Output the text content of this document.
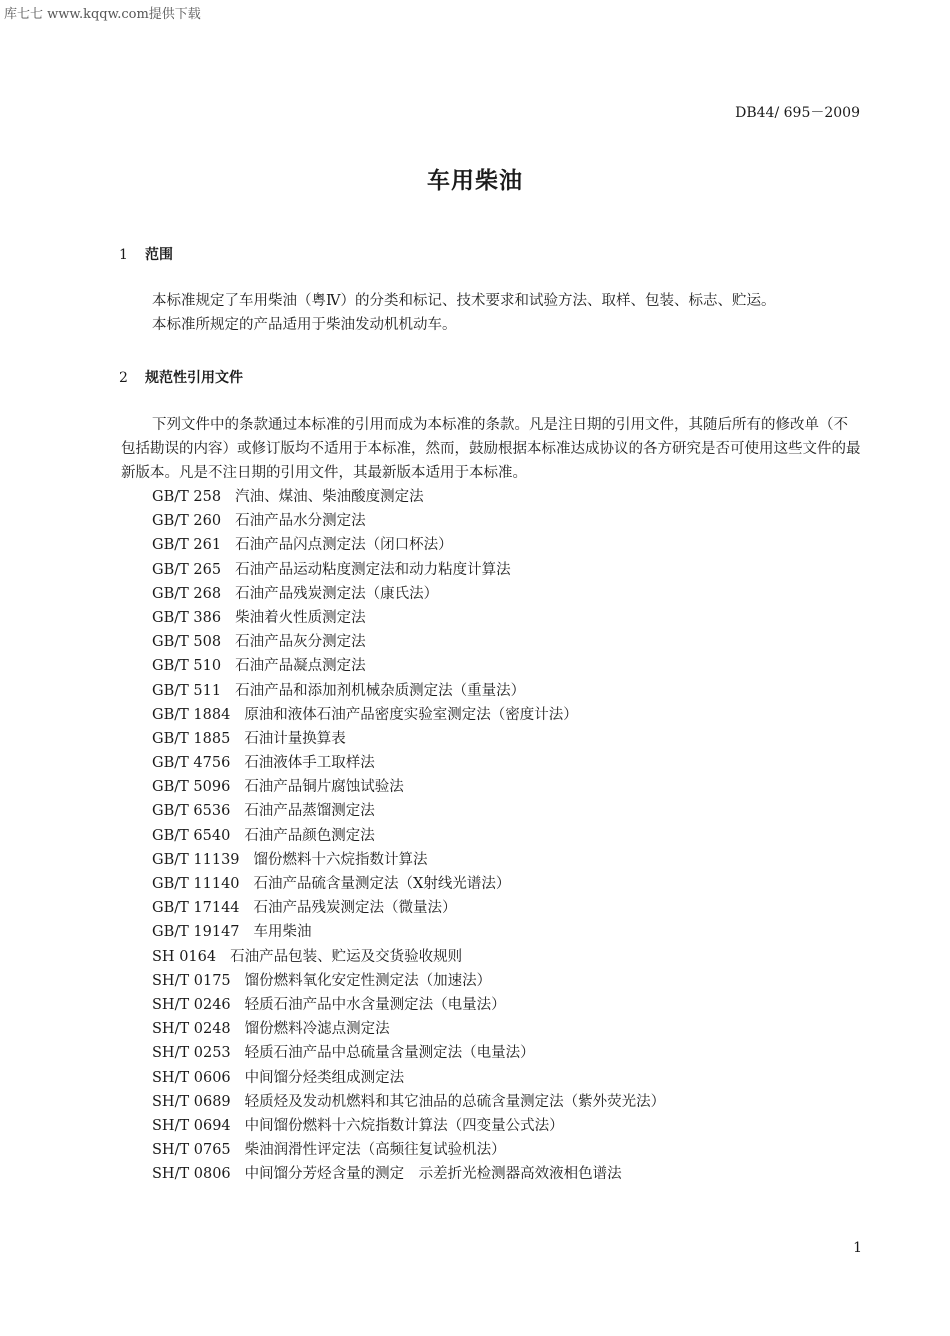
库七七 www.kqqw.com提供下载
DB44/ 695－2009
车用柴油
1 范围

本标准规定了车用柴油（粤Ⅳ）的分类和标记、技术要求和试验方法、取样、包装、标志、贮运。

本标准所规定的产品适用于柴油发动机机动车。

2 规范性引用文件

下列文件中的条款通过本标准的引用而成为本标准的条款。凡是注日期的引用文件，其随后所有的修改单（不包括勘误的内容）或修订版均不适用于本标准，然而，鼓励根据本标准达成协议的各方研究是否可使用这些文件的最新版本。凡是不注日期的引用文件，其最新版本适用于本标准。

GB/T 258 汽油、煤油、柴油酸度测定法
GB/T 260 石油产品水分测定法
GB/T 261 石油产品闪点测定法（闭口杯法）
GB/T 265 石油产品运动粘度测定法和动力粘度计算法
GB/T 268 石油产品残炭测定法（康氏法）
GB/T 386 柴油着火性质测定法
GB/T 508 石油产品灰分测定法
GB/T 510 石油产品凝点测定法
GB/T 511 石油产品和添加剂机械杂质测定法（重量法）
GB/T 1884 原油和液体石油产品密度实验室测定法（密度计法）
GB/T 1885 石油计量换算表
GB/T 4756 石油液体手工取样法
GB/T 5096 石油产品铜片腐蚀试验法
GB/T 6536 石油产品蒸馏测定法
GB/T 6540 石油产品颜色测定法
GB/T 11139 馏份燃料十六烷指数计算法
GB/T 11140 石油产品硫含量测定法（X射线光谱法）
GB/T 17144 石油产品残炭测定法（微量法）
GB/T 19147 车用柴油
SH 0164 石油产品包装、贮运及交货验收规则
SH/T 0175 馏份燃料氧化安定性测定法（加速法）
SH/T 0246 轻质石油产品中水含量测定法（电量法）
SH/T 0248 馏份燃料冷滤点测定法
SH/T 0253 轻质石油产品中总硫量含量测定法（电量法）
SH/T 0606 中间馏分烃类组成测定法
SH/T 0689 轻质烃及发动机燃料和其它油品的总硫含量测定法（紫外荧光法）
SH/T 0694 中间馏份燃料十六烷指数计算法（四变量公式法）
SH/T 0765 柴油润滑性评定法（高频往复试验机法）
SH/T 0806 中间馏分芳烃含量的测定　示差折光检测器高效液相色谱法
1
